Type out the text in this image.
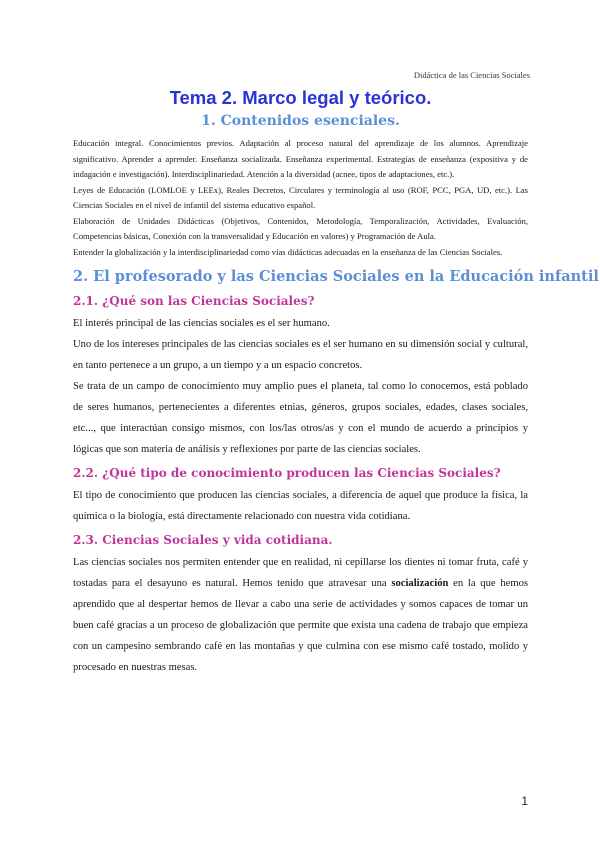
Didáctica de las Ciencias Sociales
Tema 2. Marco legal y teórico.
1. Contenidos esenciales.

Educación integral. Conocimientos previos. Adaptación al proceso natural del aprendizaje de los alumnos. Aprendizaje significativo. Aprender a aprender. Enseñanza socializada. Enseñanza experimental. Estrategias de enseñanza (expositiva y de indagación e investigación). Interdisciplinariedad. Atención a la diversidad (acnee, tipos de adaptaciones, etc.).

Leyes de Educación (LOMLOE y LEEx), Reales Decretos, Circulares y terminología al uso (ROF, PCC, PGA, UD, etc.). Las Ciencias Sociales en el nivel de infantil del sistema educativo español.

Elaboración de Unidades Didácticas (Objetivos, Contenidos, Metodología, Temporalización, Actividades, Evaluación, Competencias básicas, Conexión con la transversalidad y Educación en valores) y Programación de Aula.

Entender la globalización y la interdisciplinariedad como vías didácticas adecuadas en la enseñanza de las Ciencias Sociales.

2. El profesorado y las Ciencias Sociales en la Educación infantil
2.1. ¿Qué son las Ciencias Sociales?

El interés principal de las ciencias sociales es el ser humano.

Uno de los intereses principales de las ciencias sociales es el ser humano en su dimensión social y cultural, en tanto pertenece a un grupo, a un tiempo y a un espacio concretos.

Se trata de un campo de conocimiento muy amplio pues el planeta, tal como lo conocemos, está poblado de seres humanos, pertenecientes a diferentes etnias, géneros, grupos sociales, edades, clases sociales, etc..., que interactúan consigo mismos, con los/las otros/as y con el mundo de acuerdo a principios y lógicas que son materia de análisis y reflexiones por parte de las ciencias sociales.

2.2. ¿Qué tipo de conocimiento producen las Ciencias Sociales?

El tipo de conocimiento que producen las ciencias sociales, a diferencia de aquel que produce la física, la química o la biología, está directamente relacionado con nuestra vida cotidiana.

2.3. Ciencias Sociales y vida cotidiana.

Las ciencias sociales nos permiten entender que en realidad, ni cepillarse los dientes ni tomar fruta, café y tostadas para el desayuno es natural. Hemos tenido que atravesar una socialización en la que hemos aprendido que al despertar hemos de llevar a cabo una serie de actividades y somos capaces de tomar un buen café gracias a un proceso de globalización que permite que exista una cadena de trabajo que empieza con un campesino sembrando café en las montañas y que culmina con ese mismo café tostado, molido y procesado en nuestras mesas.

1
